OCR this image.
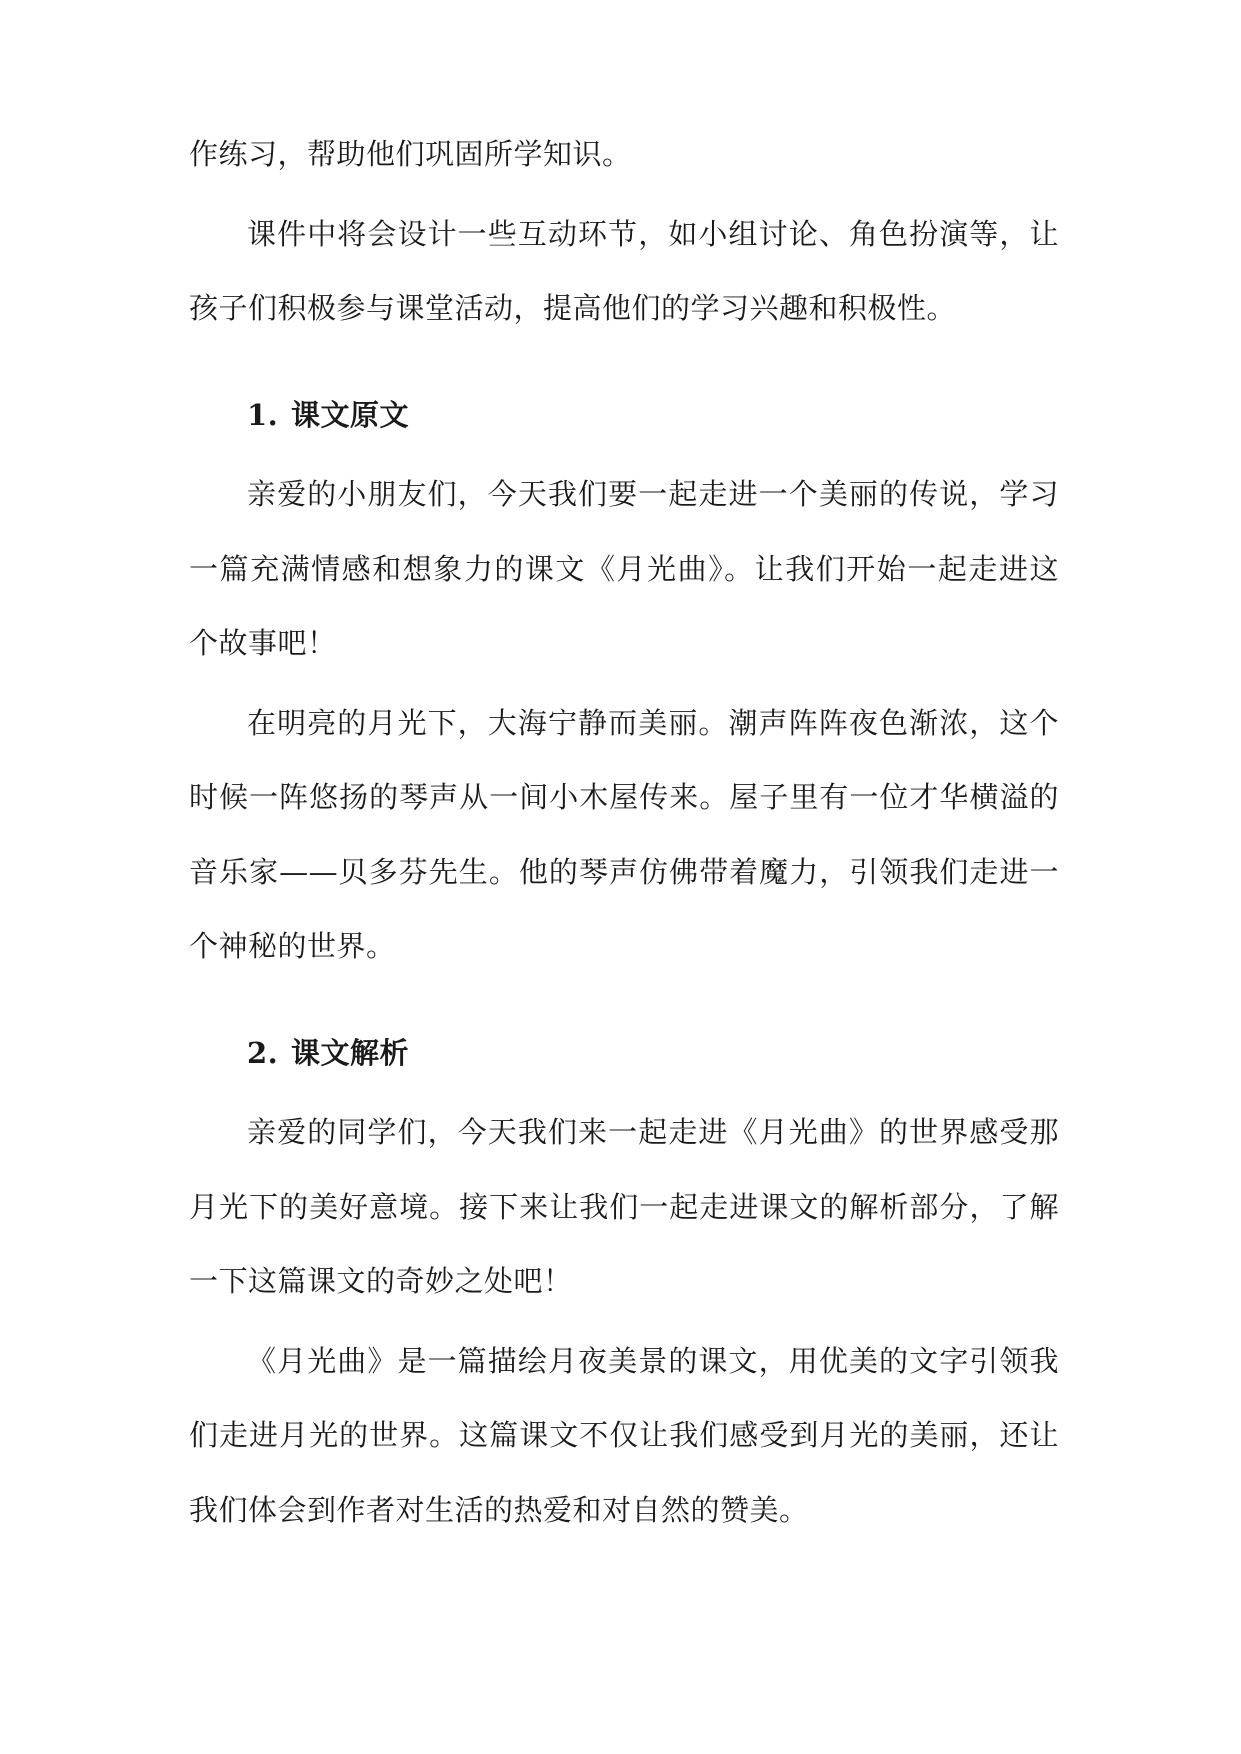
作练习，帮助他们巩固所学知识。

课件中将会设计一些互动环节，如小组讨论、角色扮演等，让孩子们积极参与课堂活动，提高他们的学习兴趣和积极性。

1. 课文原文

亲爱的小朋友们，今天我们要一起走进一个美丽的传说，学习一篇充满情感和想象力的课文《月光曲》。让我们开始一起走进这个故事吧！

在明亮的月光下，大海宁静而美丽。潮声阵阵夜色渐浓，这个时候一阵悠扬的琴声从一间小木屋传来。屋子里有一位才华横溢的音乐家——贝多芬先生。他的琴声仿佛带着魔力，引领我们走进一个神秘的世界。

2. 课文解析

亲爱的同学们，今天我们来一起走进《月光曲》的世界感受那月光下的美好意境。接下来让我们一起走进课文的解析部分，了解一下这篇课文的奇妙之处吧！

《月光曲》是一篇描绘月夜美景的课文，用优美的文字引领我们走进月光的世界。这篇课文不仅让我们感受到月光的美丽，还让我们体会到作者对生活的热爱和对自然的赞美。
